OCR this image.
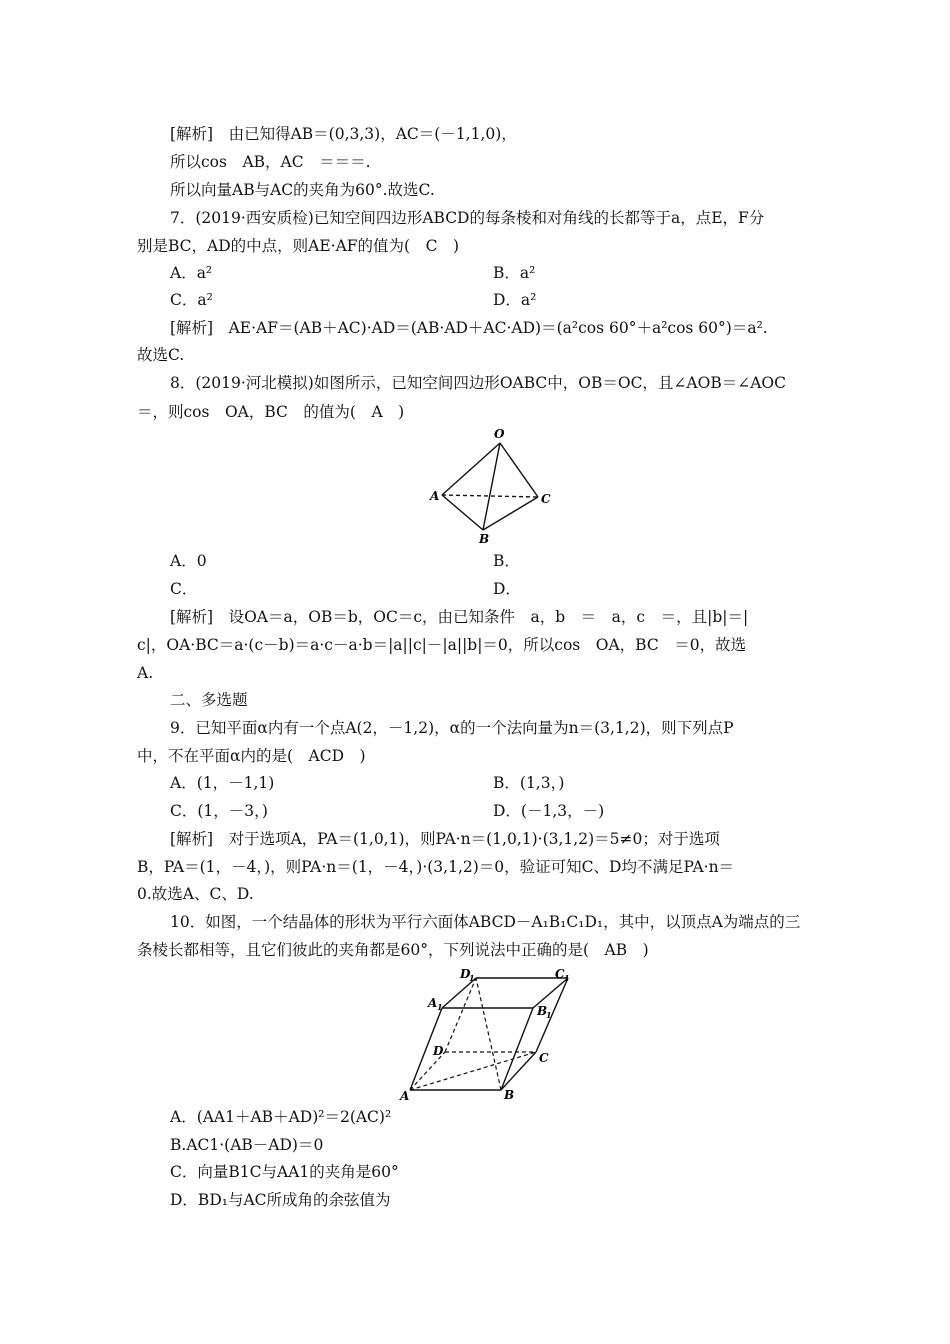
[解析]　由已知得AB＝(0,3,3)，AC＝(－1,1,0)，
所以cos　AB，AC　＝＝＝.
所以向量AB与AC的夹角为60°.故选C.
7．(2019·西安质检)已知空间四边形ABCD的每条棱和对角线的长都等于a，点E，F分
别是BC，AD的中点，则AE·AF的值为(　C　)
A．a²	B．a²
C．a²	D．a²
[解析]　AE·AF＝(AB＋AC)·AD＝(AB·AD＋AC·AD)＝(a²cos 60°＋a²cos 60°)＝a².
故选C.
8．(2019·河北模拟)如图所示，已知空间四边形OABC中，OB＝OC，且∠AOB＝∠AOC
＝，则cos　OA，BC　的值为(　A　)
O
A
B
C
A．0	B．
C．	D．
[解析]　设OA＝a，OB＝b，OC＝c，由已知条件　a，b　＝　a，c　＝，且|b|＝|
c|，OA·BC＝a·(c－b)＝a·c－a·b＝|a||c|－|a||b|＝0，所以cos　OA，BC　＝0，故选
A.
二、多选题
9．已知平面α内有一个点A(2，－1,2)，α的一个法向量为n＝(3,1,2)，则下列点P
中，不在平面α内的是(　ACD　)
A．(1，－1,1)	B．(1,3，)
C．(1，－3，)	D．(－1,3，－)
[解析]　对于选项A，PA＝(1,0,1)，则PA·n＝(1,0,1)·(3,1,2)＝5≠0；对于选项
B，PA＝(1，－4，)，则PA·n＝(1，－4，)·(3,1,2)＝0，验证可知C、D均不满足PA·n＝
0.故选A、C、D.
10．如图，一个结晶体的形状为平行六面体ABCD－A₁B₁C₁D₁，其中，以顶点A为端点的三
条棱长都相等，且它们彼此的夹角都是60°，下列说法中正确的是(　AB　)
A	B
C
D
A 1	B
1
C 1
D
1
A．(AA1＋AB＋AD)²＝2(AC)²
B.AC1·(AB－AD)＝0
C．向量B1C与AA1的夹角是60°
D．BD₁与AC所成角的余弦值为
